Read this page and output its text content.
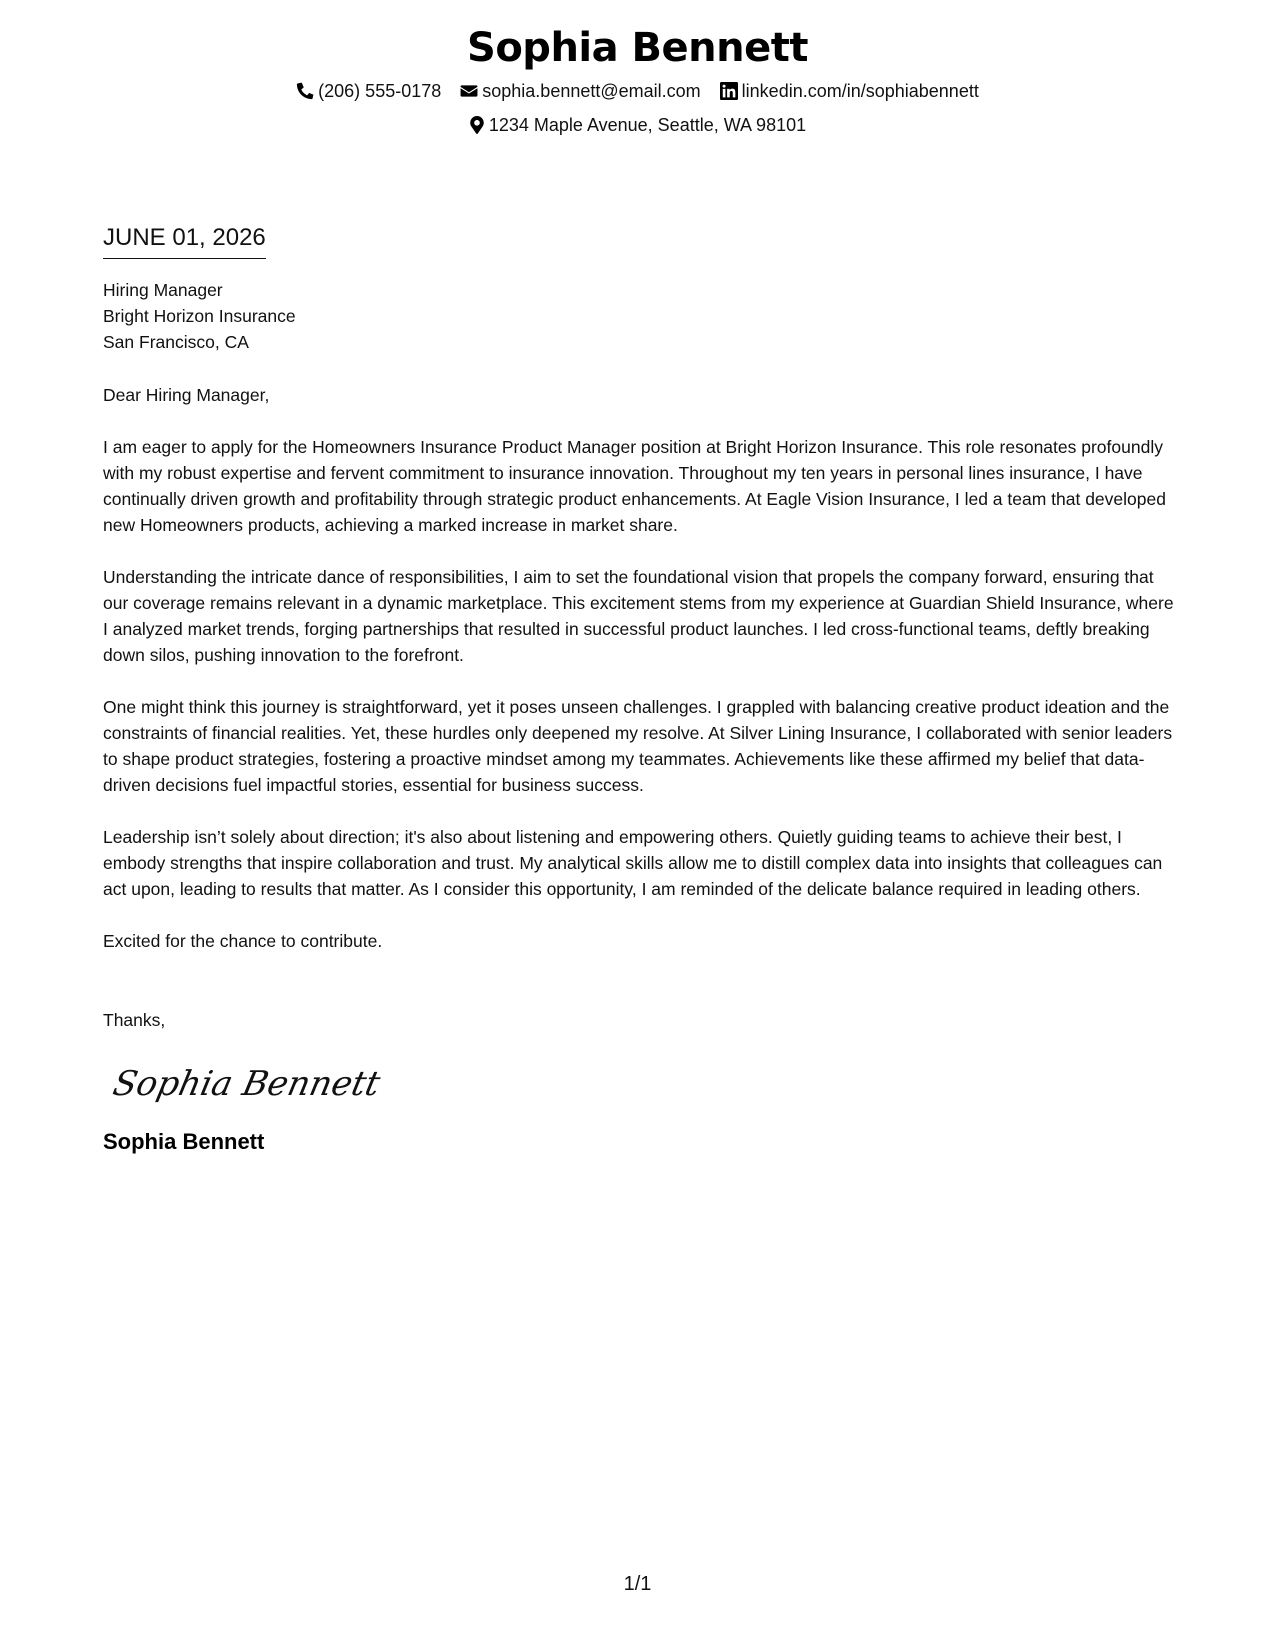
Sophia Bennett
(206) 555-0178
sophia.bennett@email.com
linkedin.com/in/sophiabennett
1234 Maple Avenue, Seattle, WA 98101
JUNE 01, 2026
Hiring Manager
Bright Horizon Insurance
San Francisco, CA
Dear Hiring Manager,
I am eager to apply for the Homeowners Insurance Product Manager position at Bright Horizon Insurance. This role resonates profoundly with my robust expertise and fervent commitment to insurance innovation. Throughout my ten years in personal lines insurance, I have continually driven growth and profitability through strategic product enhancements. At Eagle Vision Insurance, I led a team that developed new Homeowners products, achieving a marked increase in market share.
Understanding the intricate dance of responsibilities, I aim to set the foundational vision that propels the company forward, ensuring that our coverage remains relevant in a dynamic marketplace. This excitement stems from my experience at Guardian Shield Insurance, where I analyzed market trends, forging partnerships that resulted in successful product launches. I led cross-functional teams, deftly breaking down silos, pushing innovation to the forefront.
One might think this journey is straightforward, yet it poses unseen challenges. I grappled with balancing creative product ideation and the constraints of financial realities. Yet, these hurdles only deepened my resolve. At Silver Lining Insurance, I collaborated with senior leaders to shape product strategies, fostering a proactive mindset among my teammates. Achievements like these affirmed my belief that data-driven decisions fuel impactful stories, essential for business success.
Leadership isn’t solely about direction; it's also about listening and empowering others. Quietly guiding teams to achieve their best, I embody strengths that inspire collaboration and trust. My analytical skills allow me to distill complex data into insights that colleagues can act upon, leading to results that matter. As I consider this opportunity, I am reminded of the delicate balance required in leading others.
Excited for the chance to contribute.
Thanks,
Sophia Bennett
Sophia Bennett
1/1
